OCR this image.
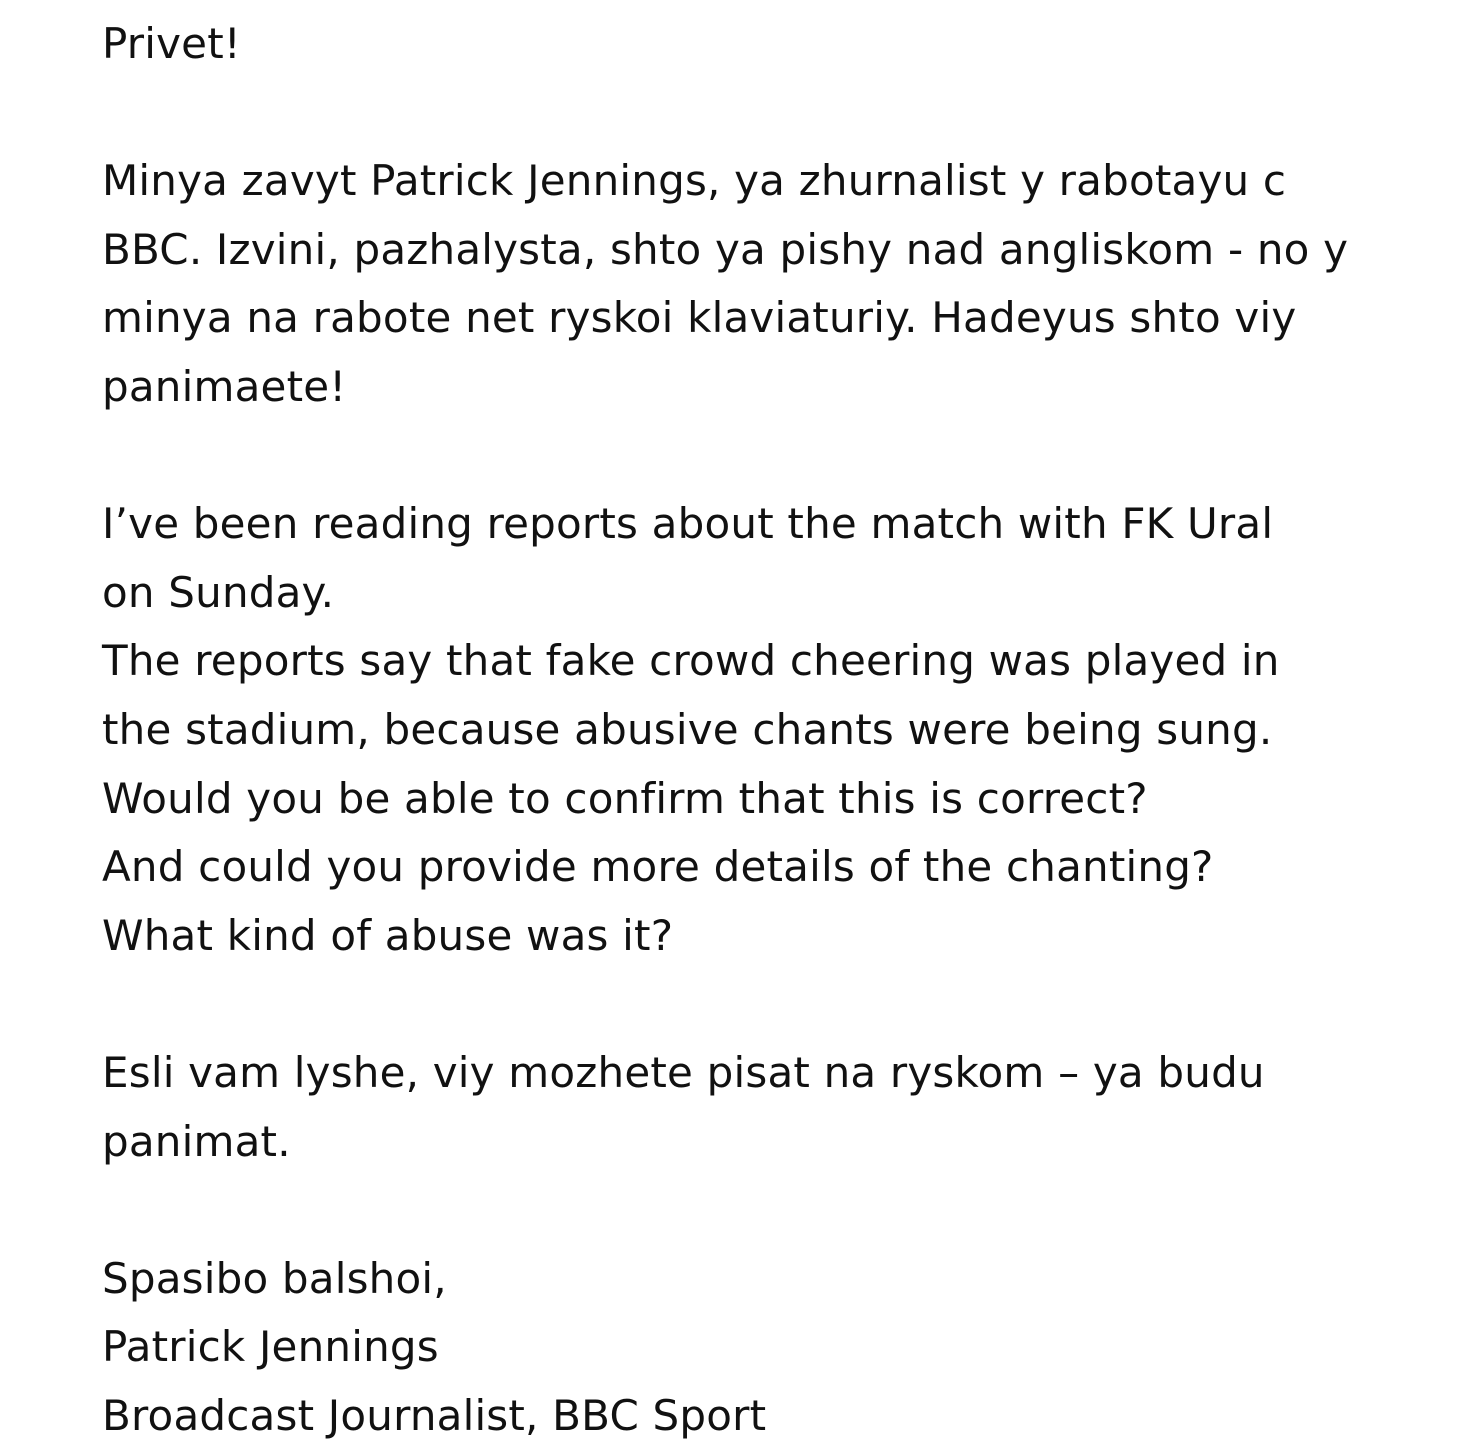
Privet!
Minya zavyt Patrick Jennings, ya zhurnalist y rabotayu c
BBC. Izvini, pazhalysta, shto ya pishy nad angliskom - no y
minya na rabote net ryskoi klaviaturiy. Hadeyus shto viy
panimaete!
I’ve been reading reports about the match with FK Ural
on Sunday.
The reports say that fake crowd cheering was played in
the stadium, because abusive chants were being sung.
Would you be able to confirm that this is correct?
And could you provide more details of the chanting?
What kind of abuse was it?
Esli vam lyshe, viy mozhete pisat na ryskom – ya budu
panimat.
Spasibo balshoi,
Patrick Jennings
Broadcast Journalist, BBC Sport
